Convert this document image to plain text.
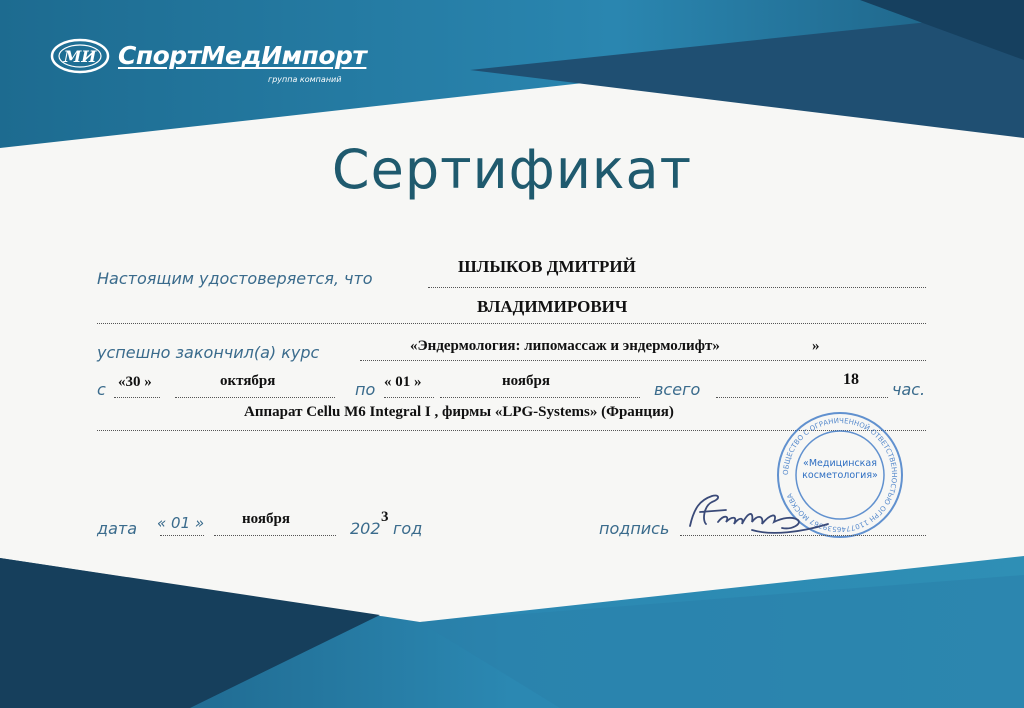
МИ СпортМедИмпорт
группа компаний
Сертификат
Настоящим удостоверяется, что
ШЛЫКОВ ДМИТРИЙ
ВЛАДИМИРОВИЧ
успешно закончил(а) курс	«Эндермология: липомассаж и эндермолифт»	»
с «30 »	октября	по « 01 »	ноября	всего
18
час.
Аппарат Cellu M6 Integral I , фирмы «LPG-Systems» (Франция)
ОБЩЕСТВО С ОГРАНИЧЕННОЙ ОТВЕТСТВЕННОСТЬЮ ОГРН 1107746539367 МОСКВА
«Медицинская косметология»
дата « 01 »	ноября	202
3
год	подпись
